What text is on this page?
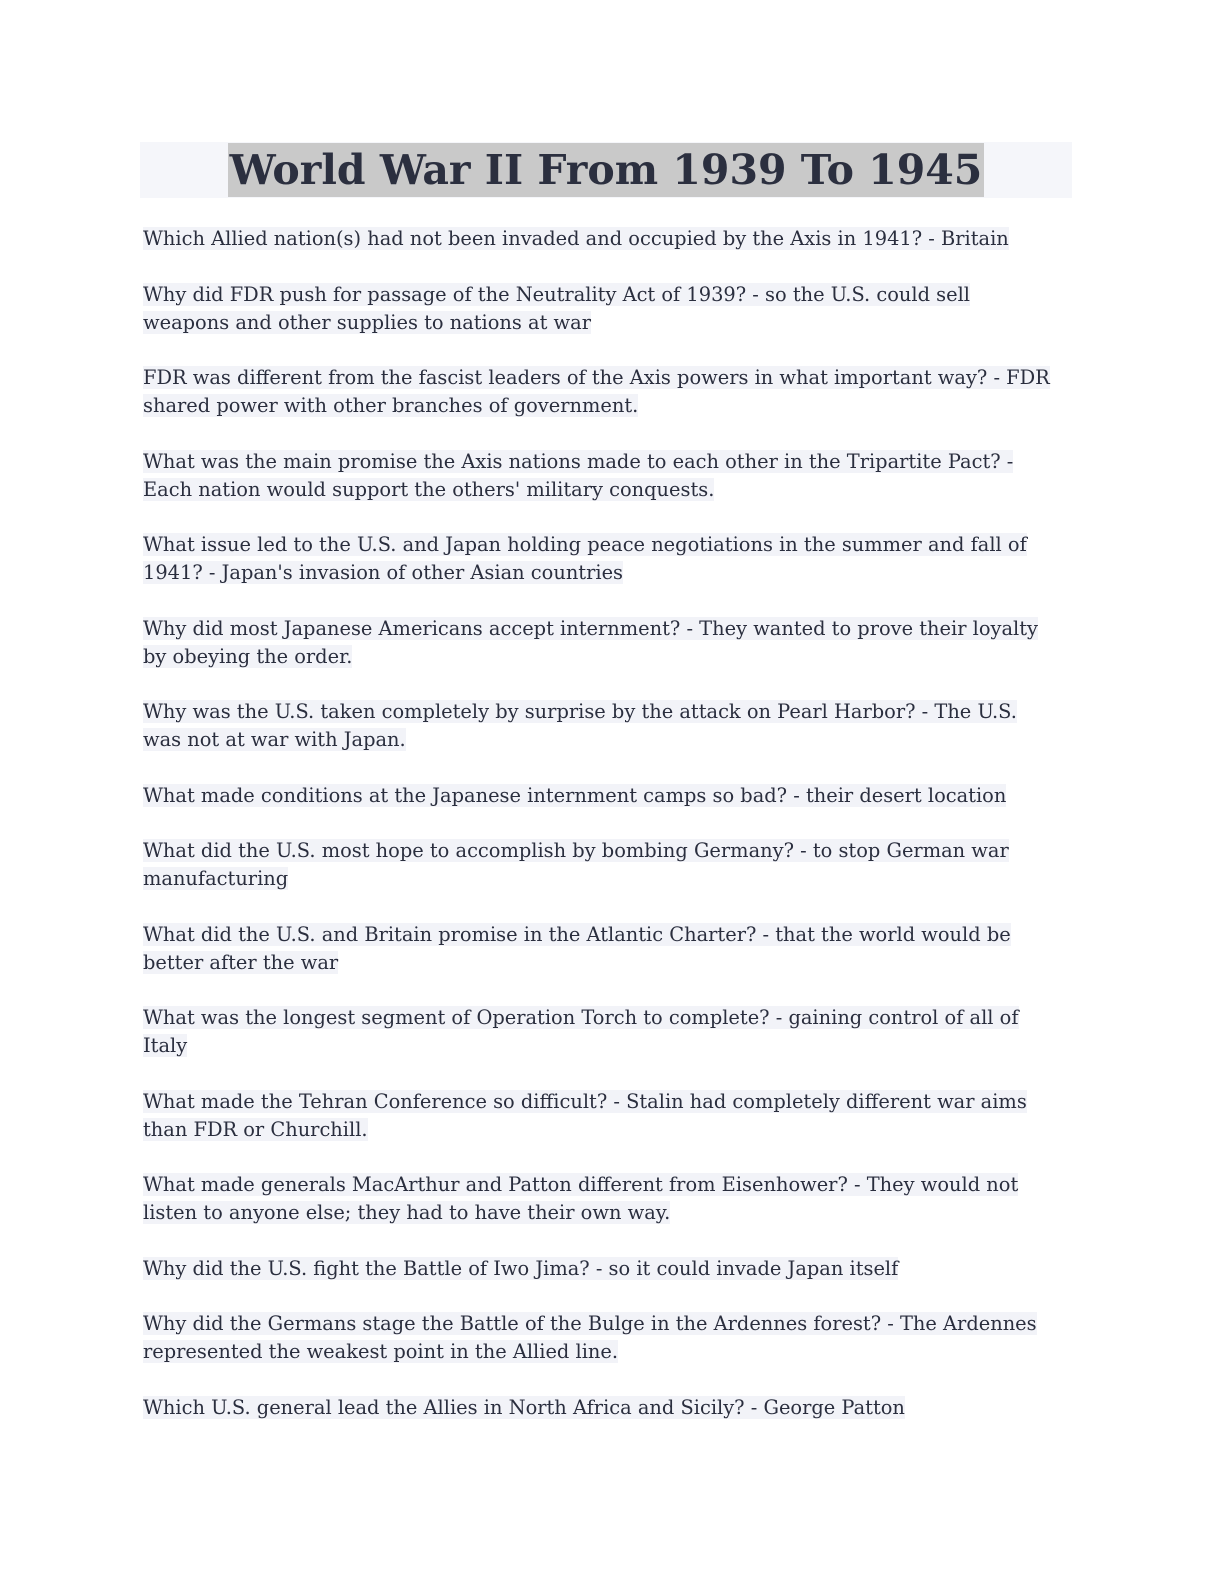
World War II From 1939 To 1945

Which Allied nation(s) had not been invaded and occupied by the Axis in 1941? - Britain

Why did FDR push for passage of the Neutrality Act of 1939? - so the U.S. could sell
weapons and other supplies to nations at war

FDR was different from the fascist leaders of the Axis powers in what important way? - FDR
shared power with other branches of government.

What was the main promise the Axis nations made to each other in the Tripartite Pact? -
Each nation would support the others' military conquests.

What issue led to the U.S. and Japan holding peace negotiations in the summer and fall of
1941? - Japan's invasion of other Asian countries

Why did most Japanese Americans accept internment? - They wanted to prove their loyalty
by obeying the order.

Why was the U.S. taken completely by surprise by the attack on Pearl Harbor? - The U.S.
was not at war with Japan.

What made conditions at the Japanese internment camps so bad? - their desert location

What did the U.S. most hope to accomplish by bombing Germany? - to stop German war
manufacturing

What did the U.S. and Britain promise in the Atlantic Charter? - that the world would be
better after the war

What was the longest segment of Operation Torch to complete? - gaining control of all of
Italy

What made the Tehran Conference so difficult? - Stalin had completely different war aims
than FDR or Churchill.

What made generals MacArthur and Patton different from Eisenhower? - They would not
listen to anyone else; they had to have their own way.

Why did the U.S. fight the Battle of Iwo Jima? - so it could invade Japan itself

Why did the Germans stage the Battle of the Bulge in the Ardennes forest? - The Ardennes
represented the weakest point in the Allied line.

Which U.S. general lead the Allies in North Africa and Sicily? - George Patton
